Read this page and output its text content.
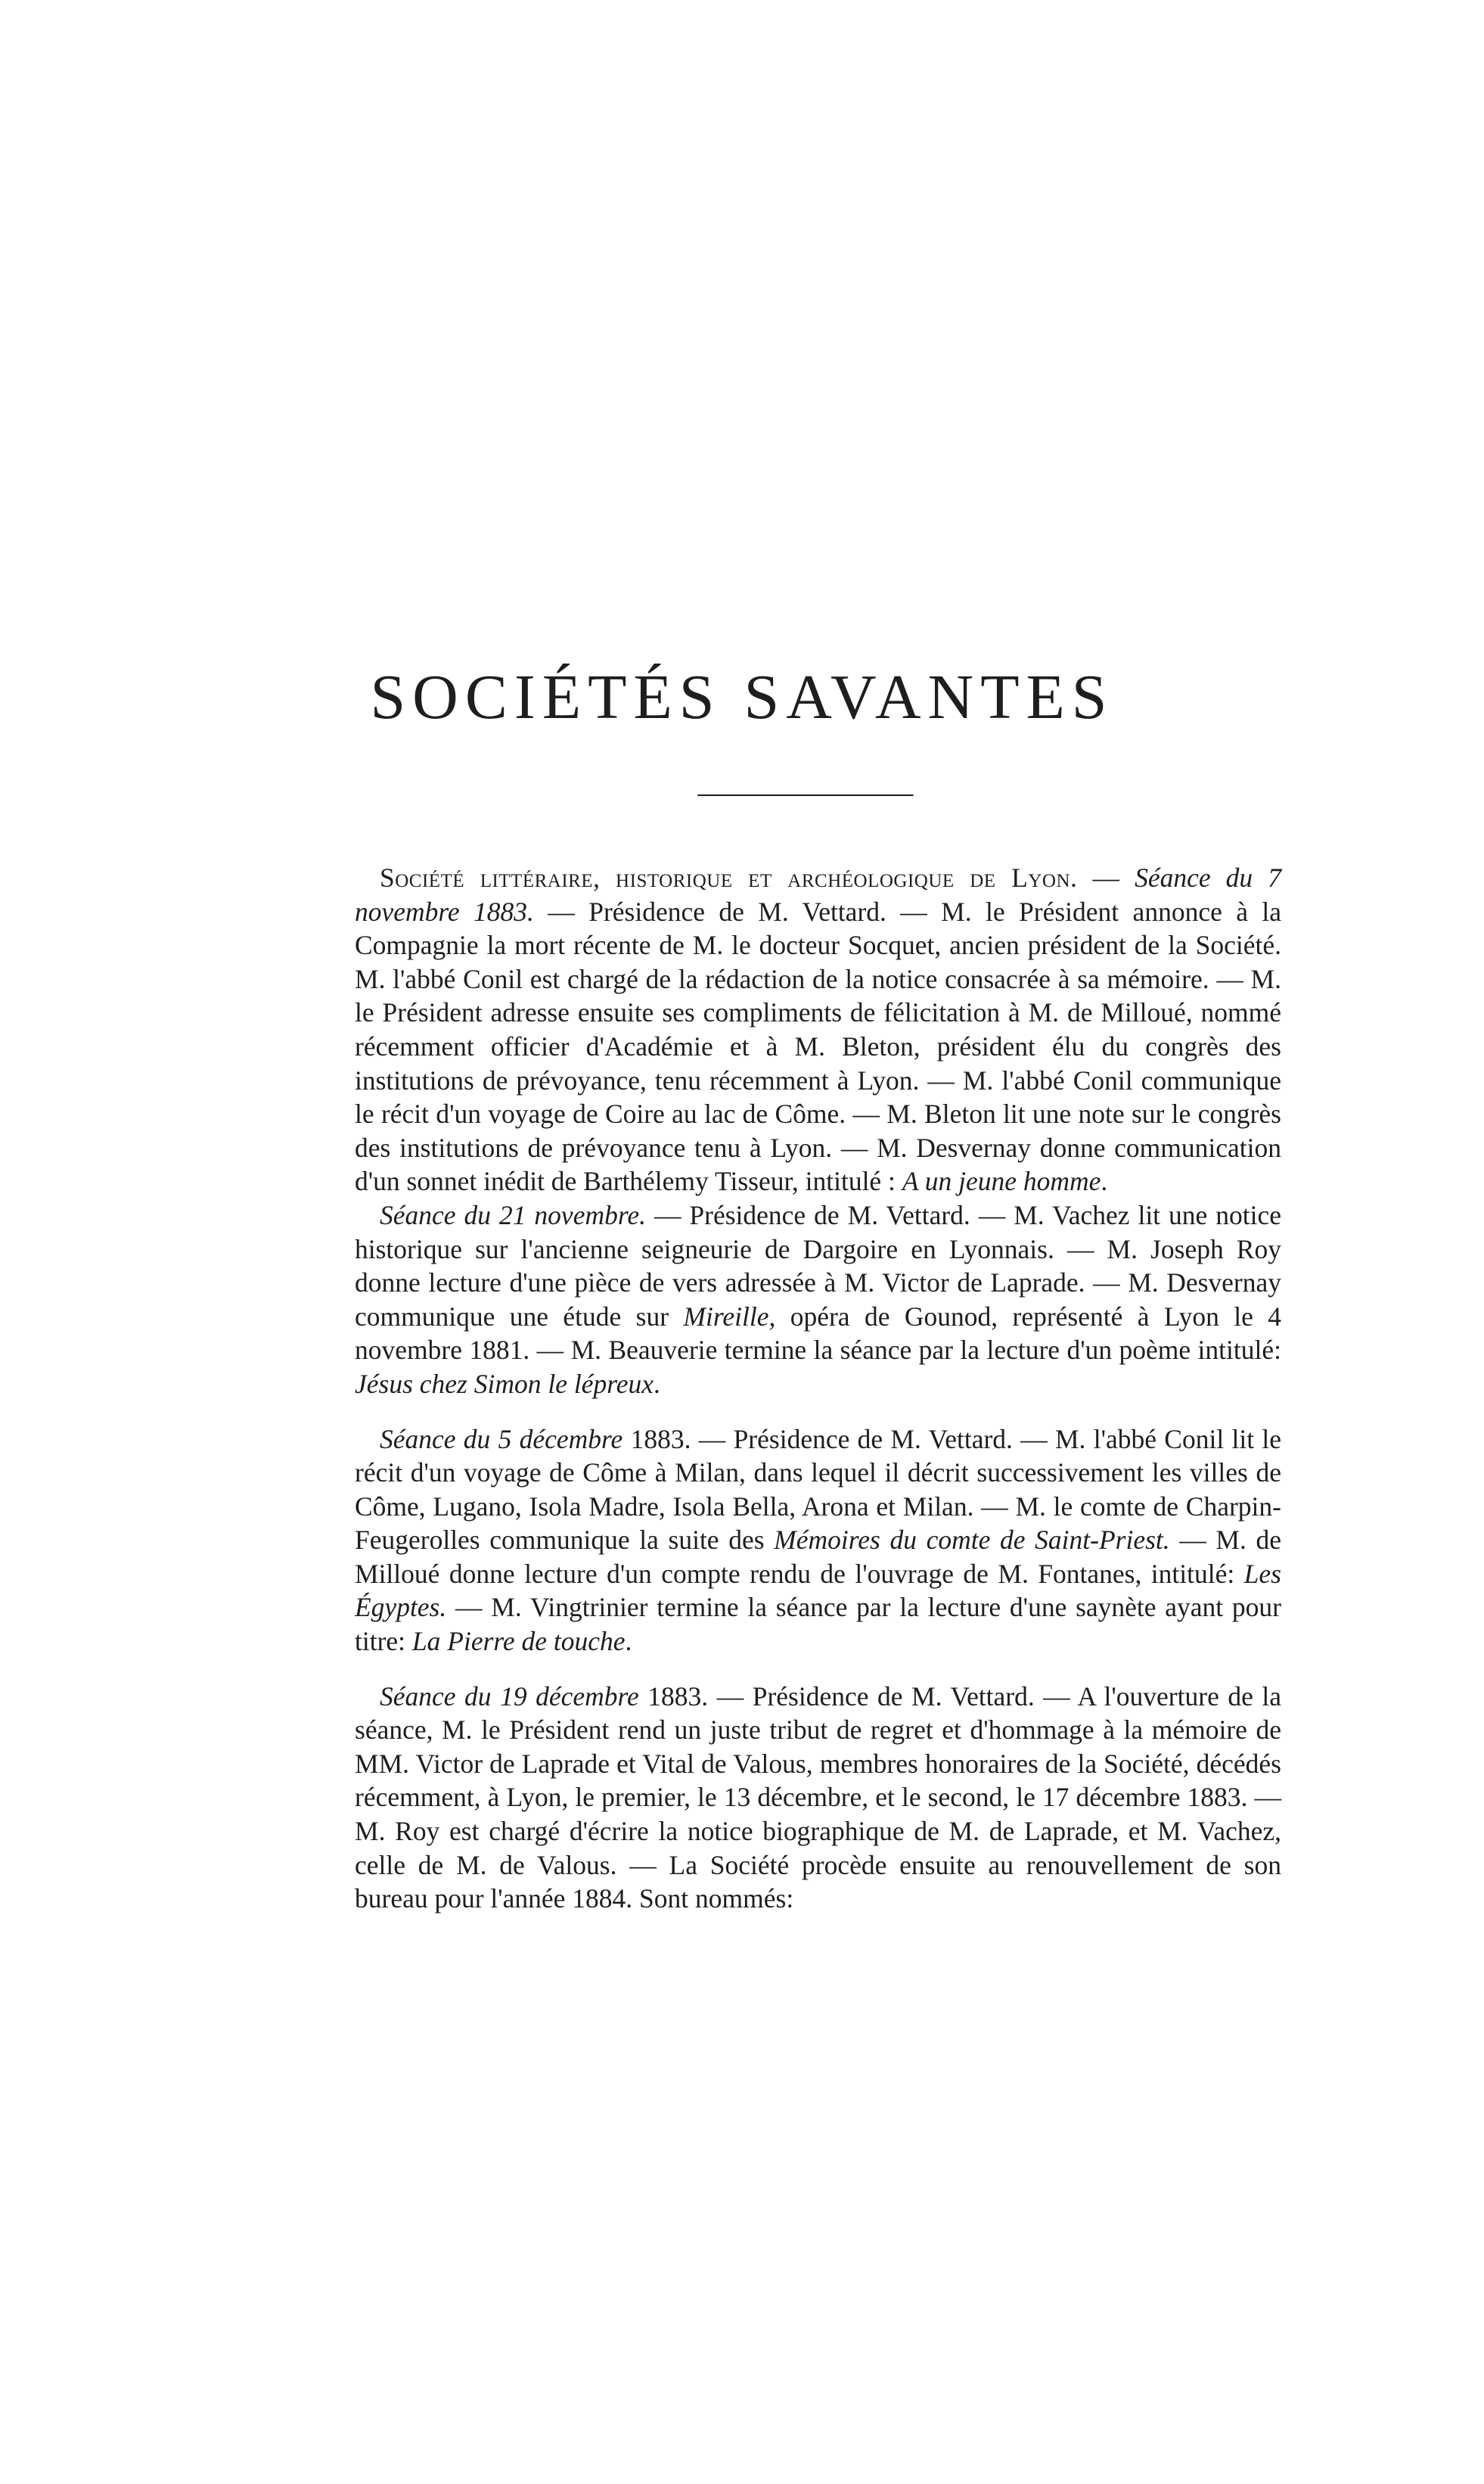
SOCIÉTÉS SAVANTES

Société littéraire, historique et archéologique de Lyon. — Séance du 7 novembre 1883. — Présidence de M. Vettard. — M. le Président annonce à la Compagnie la mort récente de M. le docteur Socquet, ancien président de la Société. M. l'abbé Conil est chargé de la rédaction de la notice consacrée à sa mémoire. — M. le Président adresse ensuite ses compliments de félicitation à M. de Milloué, nommé récemment officier d'Académie et à M. Bleton, président élu du congrès des institutions de prévoyance, tenu récemment à Lyon. — M. l'abbé Conil communique le récit d'un voyage de Coire au lac de Côme. — M. Bleton lit une note sur le congrès des institutions de prévoyance tenu à Lyon. — M. Desvernay donne communication d'un sonnet inédit de Barthélemy Tisseur, intitulé : A un jeune homme.

Séance du 21 novembre. — Présidence de M. Vettard. — M. Vachez lit une notice historique sur l'ancienne seigneurie de Dargoire en Lyonnais. — M. Joseph Roy donne lecture d'une pièce de vers adressée à M. Victor de Laprade. — M. Desvernay communique une étude sur Mireille, opéra de Gounod, représenté à Lyon le 4 novembre 1881. — M. Beauverie termine la séance par la lecture d'un poème intitulé: Jésus chez Simon le lépreux.

Séance du 5 décembre 1883. — Présidence de M. Vettard. — M. l'abbé Conil lit le récit d'un voyage de Côme à Milan, dans lequel il décrit successivement les villes de Côme, Lugano, Isola Madre, Isola Bella, Arona et Milan. — M. le comte de Charpin-Feugerolles communique la suite des Mémoires du comte de Saint-Priest. — M. de Milloué donne lecture d'un compte rendu de l'ouvrage de M. Fontanes, intitulé: Les Égyptes. — M. Vingtrinier termine la séance par la lecture d'une saynète ayant pour titre: La Pierre de touche.

Séance du 19 décembre 1883. — Présidence de M. Vettard. — A l'ouverture de la séance, M. le Président rend un juste tribut de regret et d'hommage à la mémoire de MM. Victor de Laprade et Vital de Valous, membres honoraires de la Société, décédés récemment, à Lyon, le premier, le 13 décembre, et le second, le 17 décembre 1883. — M. Roy est chargé d'écrire la notice biographique de M. de Laprade, et M. Vachez, celle de M. de Valous. — La Société procède ensuite au renouvellement de son bureau pour l'année 1884. Sont nommés:
